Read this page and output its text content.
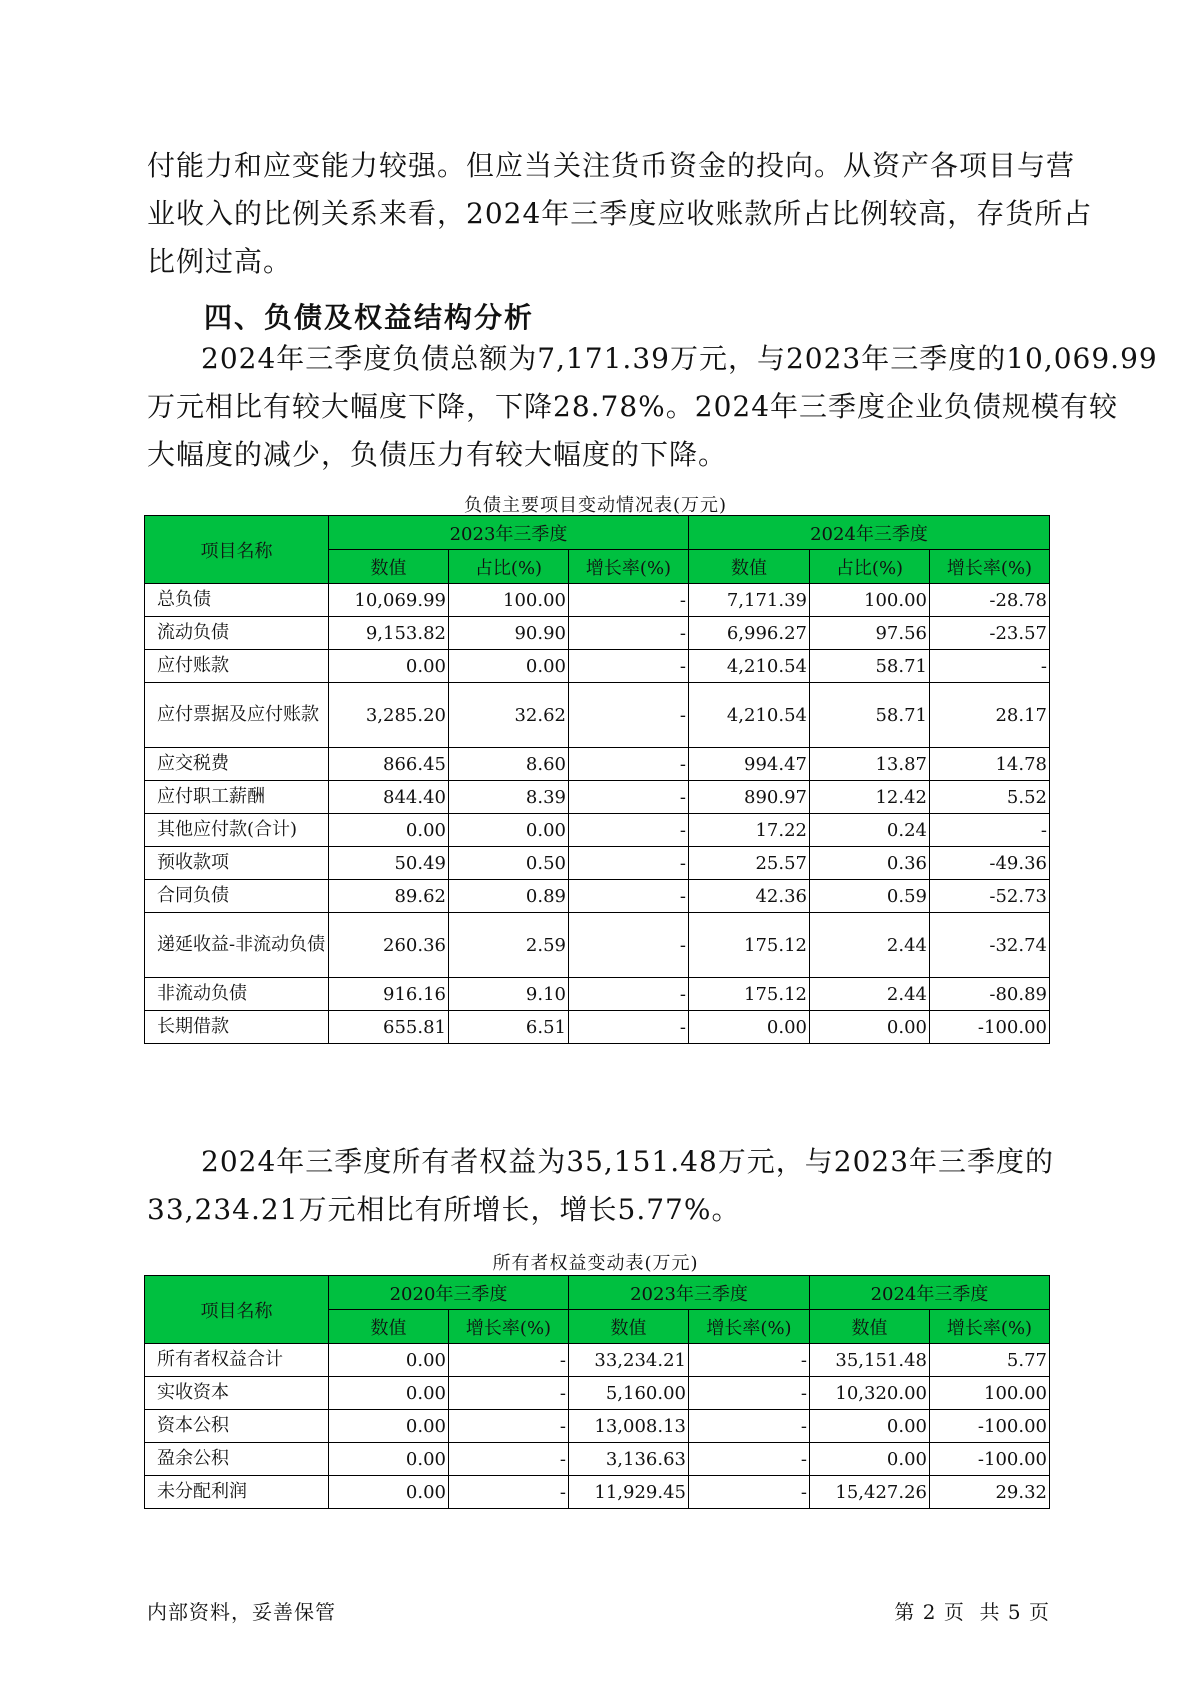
付能力和应变能力较强。但应当关注货币资金的投向。从资产各项目与营
业收入的比例关系来看，2024年三季度应收账款所占比例较高，存货所占
比例过高。
四、负债及权益结构分析
2024年三季度负债总额为7,171.39万元，与2023年三季度的10,069.99
万元相比有较大幅度下降，下降28.78%。2024年三季度企业负债规模有较
大幅度的减少，负债压力有较大幅度的下降。
负债主要项目变动情况表(万元)
项目名称	2023年三季度			2024年三季度		
	数值	占比(%)	增长率(%)	数值	占比(%)	增长率(%)
总负债	10,069.99	100.00	-	7,171.39	100.00	-28.78
流动负债	9,153.82	90.90	-	6,996.27	97.56	-23.57
应付账款	0.00	0.00	-	4,210.54	58.71	-
应付票据及应付账款	3,285.20	32.62	-	4,210.54	58.71	28.17
应交税费	866.45	8.60	-	994.47	13.87	14.78
应付职工薪酬	844.40	8.39	-	890.97	12.42	5.52
其他应付款(合计)	0.00	0.00	-	17.22	0.24	-
预收款项	50.49	0.50	-	25.57	0.36	-49.36
合同负债	89.62	0.89	-	42.36	0.59	-52.73
递延收益-非流动负债	260.36	2.59	-	175.12	2.44	-32.74
非流动负债	916.16	9.10	-	175.12	2.44	-80.89
长期借款	655.81	6.51	-	0.00	0.00	-100.00
2024年三季度所有者权益为35,151.48万元，与2023年三季度的
33,234.21万元相比有所增长，增长5.77%。
所有者权益变动表(万元)
项目名称	2020年三季度		2023年三季度		2024年三季度	
	数值	增长率(%)	数值	增长率(%)	数值	增长率(%)
所有者权益合计	0.00	-	33,234.21	-	35,151.48	5.77
实收资本	0.00	-	5,160.00	-	10,320.00	100.00
资本公积	0.00	-	13,008.13	-	0.00	-100.00
盈余公积	0.00	-	3,136.63	-	0.00	-100.00
未分配利润	0.00	-	11,929.45	-	15,427.26	29.32
内部资料，妥善保管	第 2 页  共 5 页
